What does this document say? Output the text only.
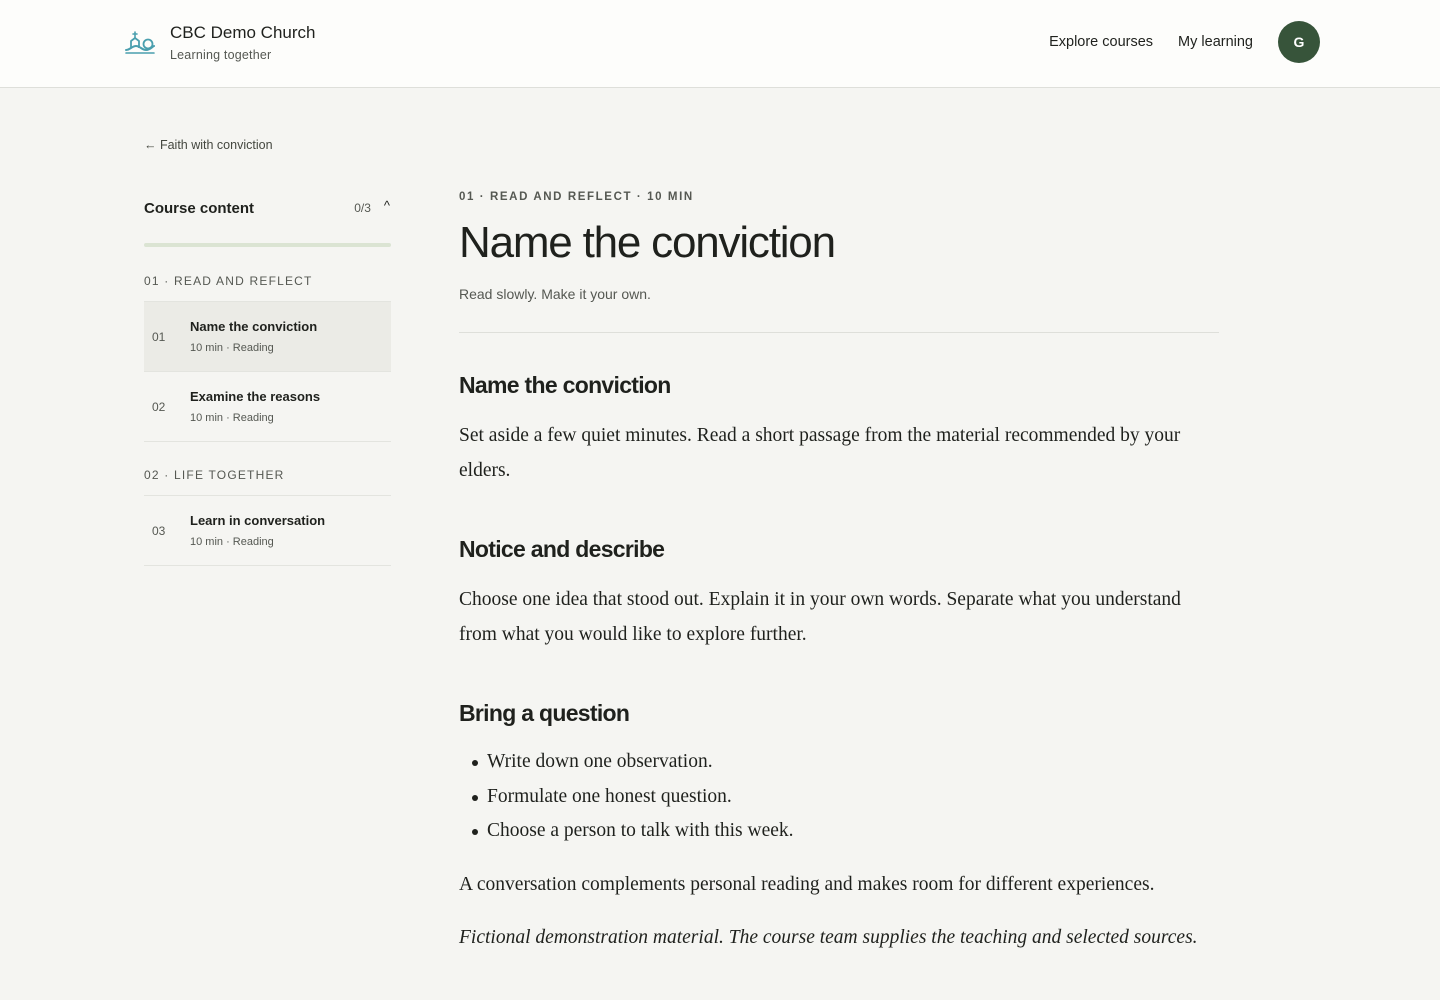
CBC Demo Church
Learning together
Explore courses My learning	G
← Faith with conviction
Course content	0/3 ^
01 · READ AND REFLECT
01
Name the conviction
10 min · Reading
02
Examine the reasons
10 min · Reading
02 · LIFE TOGETHER
03
Learn in conversation
10 min · Reading
01 · READ AND REFLECT · 10 MIN
Name the conviction
Read slowly. Make it your own.
Name the conviction

Set aside a few quiet minutes. Read a short passage from the material recommended by your elders.

Notice and describe

Choose one idea that stood out. Explain it in your own words. Separate what you understand from what you would like to explore further.

Bring a question
Write down one observation.
Formulate one honest question.
Choose a person to talk with this week.

A conversation complements personal reading and makes room for different experiences.

Fictional demonstration material. The course team supplies the teaching and selected sources.
